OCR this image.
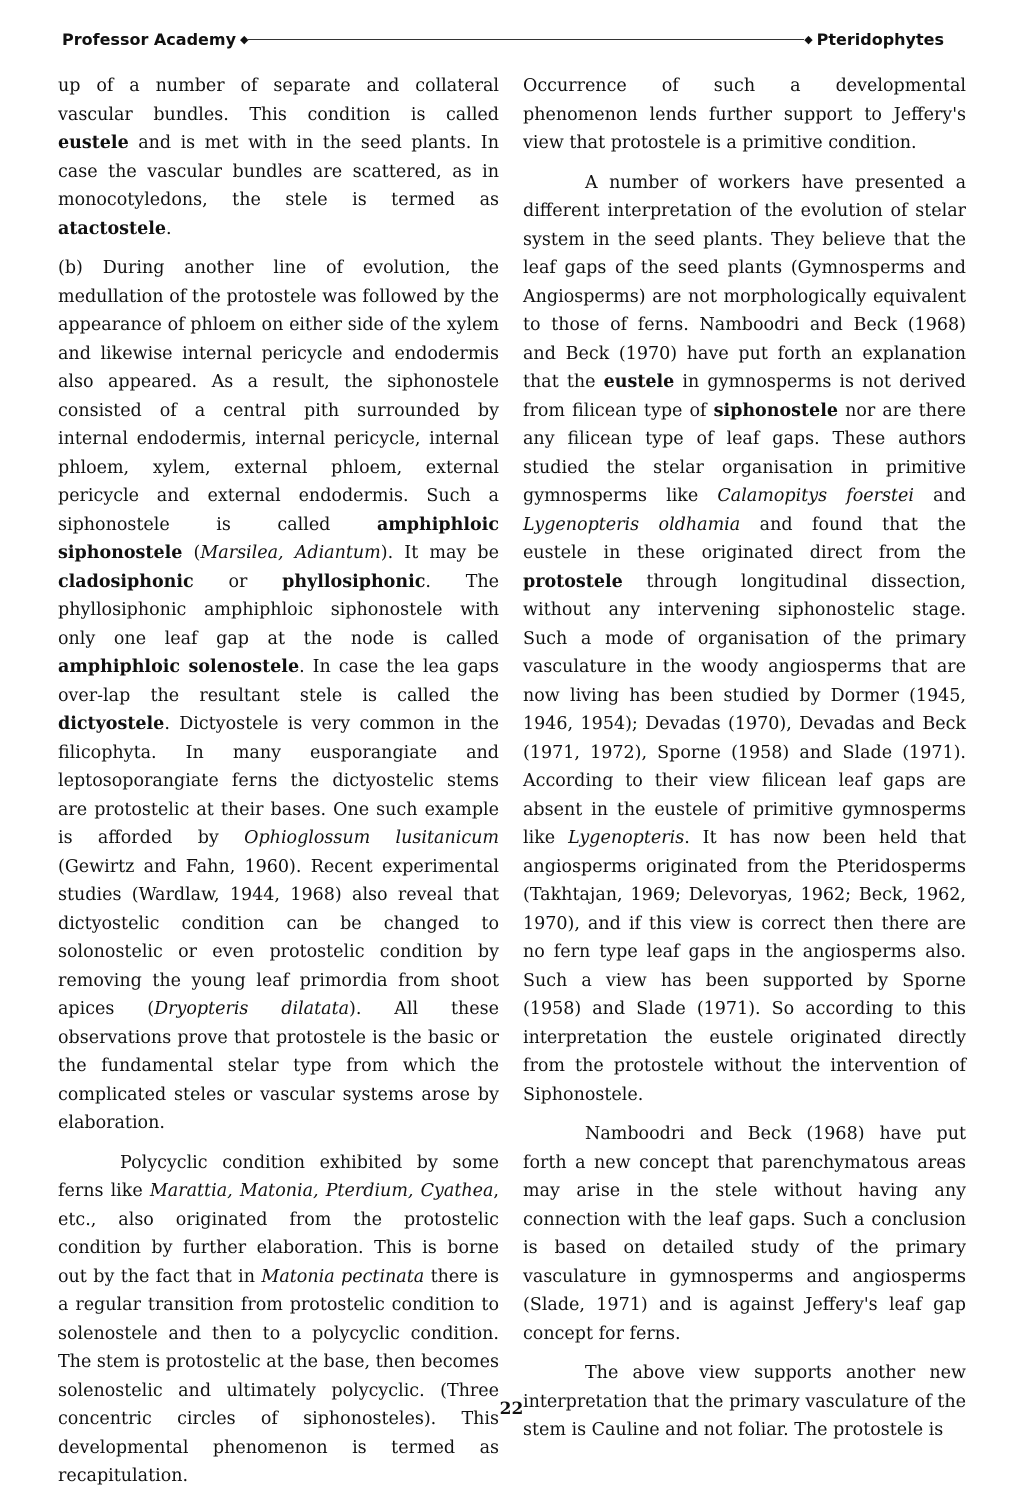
Professor Academy ◆	◆ Pteridophytes

up of a number of separate and collateral vascular bundles. This condition is called eustele and is met with in the seed plants. In case the vascular bundles are scattered, as in monocotyledons, the stele is termed as atactostele.

(b) During another line of evolution, the medullation of the protostele was followed by the appearance of phloem on either side of the xylem and likewise internal pericycle and endodermis also appeared. As a result, the siphonostele consisted of a central pith surrounded by internal endodermis, internal pericycle, internal phloem, xylem, external phloem, external pericycle and external endodermis. Such a siphonostele is called amphiphloic siphonostele (Marsilea, Adiantum). It may be cladosiphonic or phyllosiphonic. The phyllosiphonic amphiphloic siphonostele with only one leaf gap at the node is called amphiphloic solenostele. In case the lea gaps over-lap the resultant stele is called the dictyostele. Dictyostele is very common in the filicophyta. In many eusporangiate and leptosoporangiate ferns the dictyostelic stems are protostelic at their bases. One such example is afforded by Ophioglossum lusitanicum (Gewirtz and Fahn, 1960). Recent experimental studies (Wardlaw, 1944, 1968) also reveal that dictyostelic condition can be changed to solonostelic or even protostelic condition by removing the young leaf primordia from shoot apices (Dryopteris dilatata). All these observations prove that protostele is the basic or the fundamental stelar type from which the complicated steles or vascular systems arose by elaboration.

Polycyclic condition exhibited by some ferns like Marattia, Matonia, Pterdium, Cyathea, etc., also originated from the protostelic condition by further elaboration. This is borne out by the fact that in Matonia pectinata there is a regular transition from protostelic condition to solenostele and then to a polycyclic condition. The stem is protostelic at the base, then becomes solenostelic and ultimately polycyclic. (Three concentric circles of siphonosteles). This developmental phenomenon is termed as recapitulation.

Occurrence of such a developmental phenomenon lends further support to Jeffery's view that protostele is a primitive condition.

A number of workers have presented a different interpretation of the evolution of stelar system in the seed plants. They believe that the leaf gaps of the seed plants (Gymnosperms and Angiosperms) are not morphologically equivalent to those of ferns. Namboodri and Beck (1968) and Beck (1970) have put forth an explanation that the eustele in gymnosperms is not derived from filicean type of siphonostele nor are there any filicean type of leaf gaps. These authors studied the stelar organisation in primitive gymnosperms like Calamopitys foerstei and Lygenopteris oldhamia and found that the eustele in these originated direct from the protostele through longitudinal dissection, without any intervening siphonostelic stage. Such a mode of organisation of the primary vasculature in the woody angiosperms that are now living has been studied by Dormer (1945, 1946, 1954); Devadas (1970), Devadas and Beck (1971, 1972), Sporne (1958) and Slade (1971). According to their view filicean leaf gaps are absent in the eustele of primitive gymnosperms like Lygenopteris. It has now been held that angiosperms originated from the Pteridosperms (Takhtajan, 1969; Delevoryas, 1962; Beck, 1962, 1970), and if this view is correct then there are no fern type leaf gaps in the angiosperms also. Such a view has been supported by Sporne (1958) and Slade (1971). So according to this interpretation the eustele originated directly from the protostele without the intervention of Siphonostele.

Namboodri and Beck (1968) have put forth a new concept that parenchymatous areas may arise in the stele without having any connection with the leaf gaps. Such a conclusion is based on detailed study of the primary vasculature in gymnosperms and angiosperms (Slade, 1971) and is against Jeffery's leaf gap concept for ferns.

The above view supports another new interpretation that the primary vasculature of the stem is Cauline and not foliar. The protostele is

22
